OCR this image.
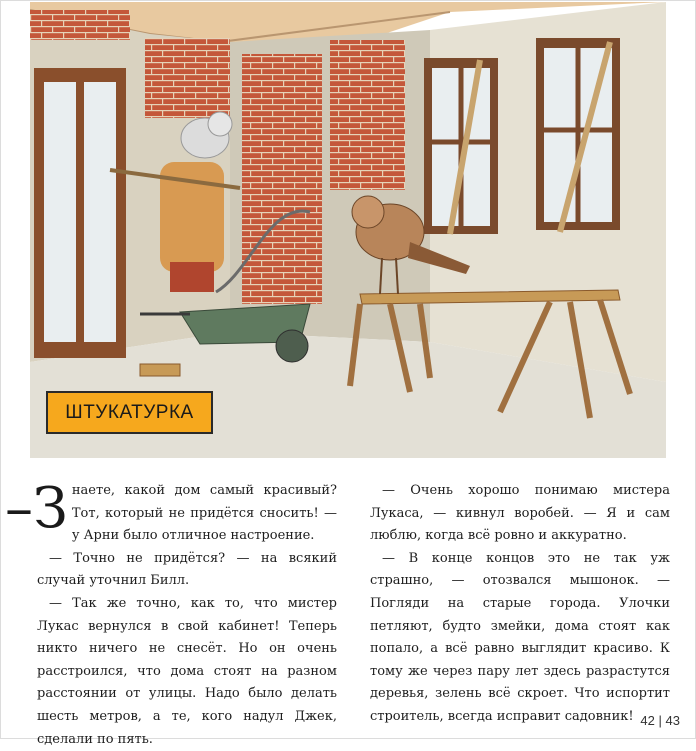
ШТУКАТУРКА

–З наете, какой дом самый красивый? Тот, который не придётся сносить! — у Арни было отличное настроение.

— Точно не придётся? — на всякий случай уточнил Билл.

— Так же точно, как то, что мистер Лукас вернулся в свой кабинет! Теперь никто ничего не снесёт. Но он очень расстроился, что дома стоят на разном расстоянии от улицы. Надо было делать шесть метров, а те, кого надул Джек, сделали по пять.

— Очень хорошо понимаю мистера Лукаса, — кивнул воробей. — Я и сам люблю, когда всё ровно и аккуратно.

— В конце концов это не так уж страшно, — отозвался мышонок. — Погляди на старые города. Улочки петляют, будто змейки, дома стоят как попало, а всё равно выглядит красиво. К тому же через пару лет здесь разрастутся деревья, зелень всё скроет. Что испортит строитель, всегда исправит садовник! 42 | 43
